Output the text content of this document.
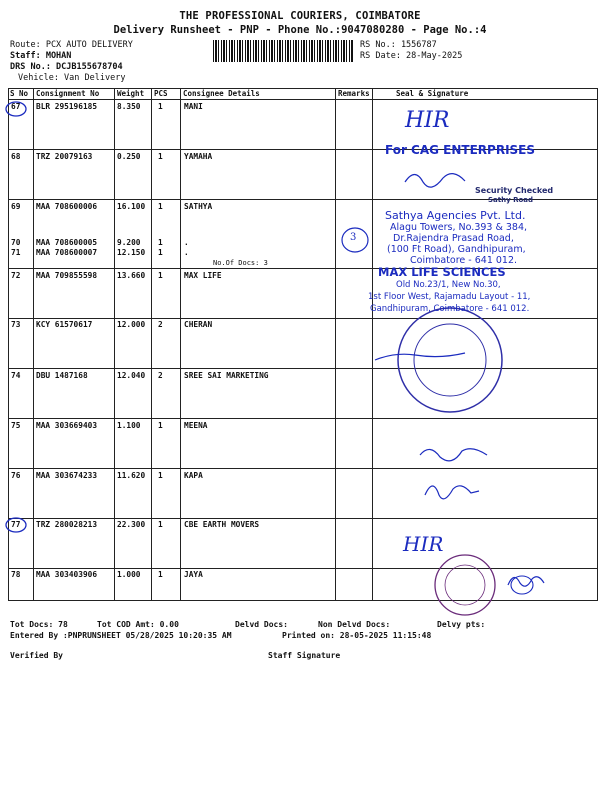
THE PROFESSIONAL COURIERS, COIMBATORE
Delivery Runsheet - PNP - Phone No.:9047080280 - Page No.:4
Route: PCX AUTO DELIVERY
Staff: MOHAN
DRS No.: DCJB155678704
Vehicle: Van Delivery
RS No.: 1556787
RS Date: 28-May-2025
S No Consignment No Weight PCS Consignee Details	Remarks	Seal & Signature
67 BLR 295196185	8.350 1	MANI
68 TRZ 20079163	0.250 1	YAMAHA
69 MAA 708600006	16.100 1	SATHYA
70 MAA 708600005	9.200 1	.
71 MAA 708600007	12.150 1	.
72 MAA 709855598	13.660 1	MAX LIFE
73 KCY 61570617	12.000 2	CHERAN
74 DBU 1487168	12.040 2	SREE SAI MARKETING
75 MAA 303669403	1.100 1	MEENA
76 MAA 303674233	11.620 1	KAPA
77 TRZ 280028213	22.300 1	CBE EARTH MOVERS
78 MAA 303403906	1.000 1	JAYA
No.Of Docs: 3
HIR
For CAG ENTERPRISES
Security Checked
Sathy Road
Sathya Agencies Pvt. Ltd.
Alagu Towers, No.393 & 384,
Dr.Rajendra Prasad Road,
(100 Ft Road), Gandhipuram,
Coimbatore - 641 012.
MAX LIFE SCIENCES
Old No.23/1, New No.30,
1st Floor West, Rajamadu Layout - 11,
Gandhipuram, Coimbatore - 641 012.
3
HIR
Tot Docs: 78	Tot COD Amt: 0.00	Delvd Docs:	Non Delvd Docs:	Delvy pts:
Entered By :PNPRUNSHEET 05/28/2025 10:20:35 AM	Printed on: 28-05-2025 11:15:48
Verified By	Staff Signature
